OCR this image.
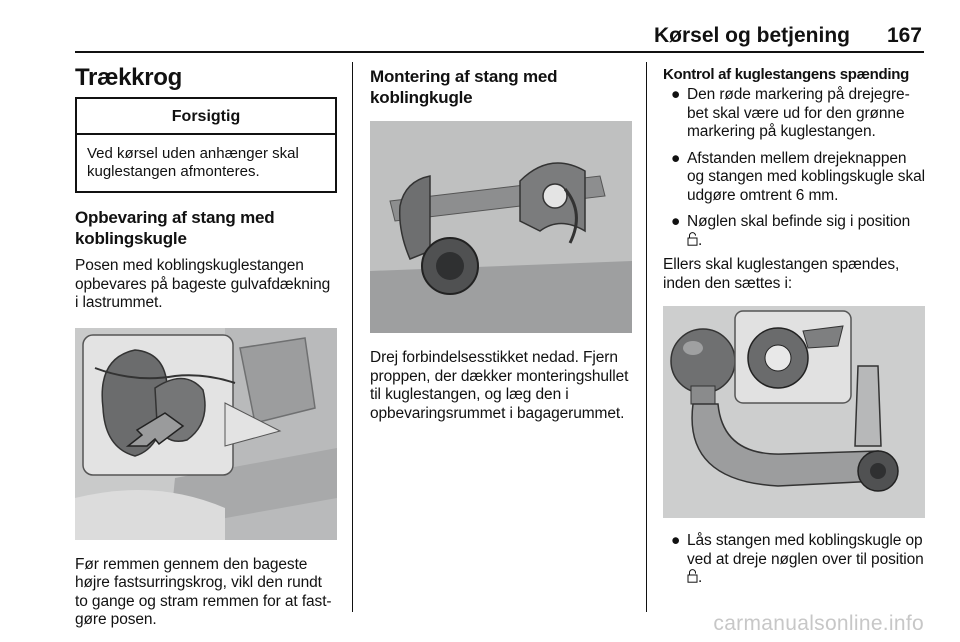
Kørsel og betjening 167
Trækkrog
Forsigtig
Ved kørsel uden anhænger skal kuglestangen afmonteres.
Opbevaring af stang med koblingskugle
Posen med koblingskuglestangen opbevares på bageste gulvafdækning i lastrummet.
Før remmen gennem den bageste højre fastsurringskrog, vikl den rundt to gange og stram remmen for at fastgøre posen.
Montering af stang med koblingkugle
Drej forbindelsesstikket nedad. Fjern proppen, der dækker monteringshullet til kuglestangen, og læg den i opbevaringsrummet i bagagerummet.
Kontrol af kuglestangens spænding
● Den røde markering på drejegrebet skal være ud for den grønne markering på kuglestangen.
● Afstanden mellem drejeknappen og stangen med koblingskugle skal udgøre omtrent 6 mm.
● Nøglen skal befinde sig i position .
Ellers skal kuglestangen spændes, inden den sættes i:
● Lås stangen med koblingskugle op ved at dreje nøglen over til position .
carmanualsonline.info
